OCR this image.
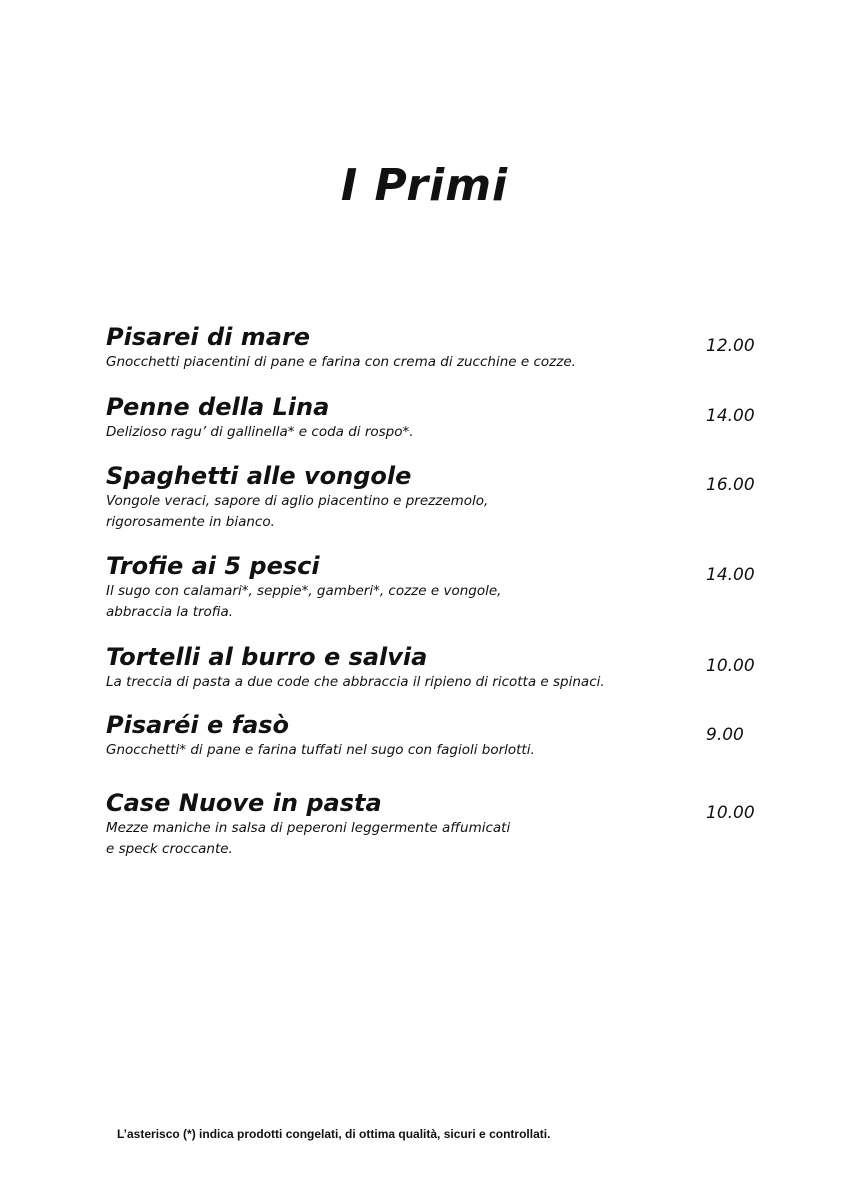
I Primi

Pisarei di mare

Gnocchetti piacentini di pane e farina con crema di zucchine e cozze.

12.00

Penne della Lina

Delizioso ragu’ di gallinella* e coda di rospo*.

14.00

Spaghetti alle vongole

Vongole veraci, sapore di aglio piacentino e prezzemolo,
rigorosamente in bianco.

16.00

Trofie ai 5 pesci

Il sugo con calamari*, seppie*, gamberi*, cozze e vongole,
abbraccia la trofia.

14.00

Tortelli al burro e salvia

La treccia di pasta a due code che abbraccia il ripieno di ricotta e spinaci.

10.00

Pisaréi e fasò

Gnocchetti* di pane e farina tuffati nel sugo con fagioli borlotti.

9.00

Case Nuove in pasta

Mezze maniche in salsa di peperoni leggermente affumicati
e speck croccante.

10.00

L’asterisco (*) indica prodotti congelati, di ottima qualità, sicuri e controllati.
